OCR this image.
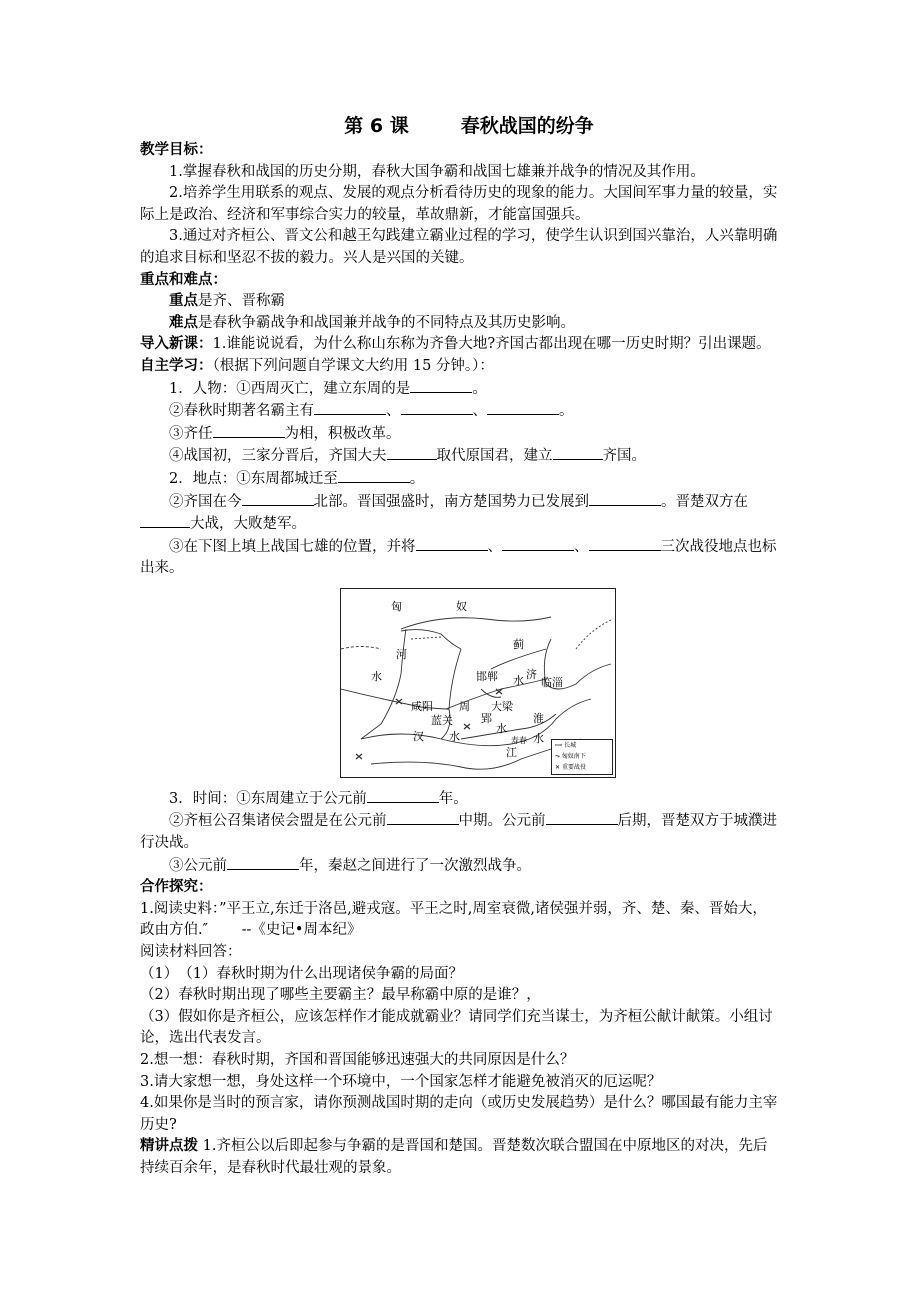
第 6 课	春秋战国的纷争
教学目标：
1.掌握春秋和战国的历史分期，春秋大国争霸和战国七雄兼并战争的情况及其作用。
2.培养学生用联系的观点、发展的观点分析看待历史的现象的能力。大国间军事力量的较量，实际上是政治、经济和军事综合实力的较量，革故鼎新，才能富国强兵。
3.通过对齐桓公、晋文公和越王勾践建立霸业过程的学习，使学生认识到国兴靠治，人兴靠明确的追求目标和坚忍不拔的毅力。兴人是兴国的关键。
重点和难点：
重点是齐、晋称霸
难点是春秋争霸战争和战国兼并战争的不同特点及其历史影响。
导入新课：1.谁能说说看，为什么称山东称为齐鲁大地?齐国古都出现在哪一历史时期？引出课题。
自主学习：（根据下列问题自学课文大约用 15 分钟。）：
1．人物：①西周灭亡，建立东周的是	。
②春秋时期著名霸主有	、	、	。
③齐任	为相，积极改革。
④战国初，三家分晋后，齐国大夫	取代原国君，建立	齐国。
2．地点：①东周都城迁至	。
②齐国在今	北部。晋国强盛时，南方楚国势力已发展到	。晋楚双方在大战，大败楚军。
③在下图上填上战国七雄的位置，并将	、	、	三次战役地点也标出来。
匈	奴
河
水
蓟
邯郸	济
水 临淄
咸阳 周 大梁
郢
蓝关
汉 水
淮
水
寿春 水
江
┅┅ 长城
⤳ 匈奴南下
✕ 重要战役
3．时间：①东周建立于公元前	年。
②齐桓公召集诸侯会盟是在公元前	中期。公元前	后期，晋楚双方于城濮进行决战。
③公元前	年，秦赵之间进行了一次激烈战争。
合作探究：
1.阅读史料：”平王立,东迁于洛邑,避戎寇。平王之时,周室衰微,诸侯强并弱，齐、楚、秦、晋始大，政由方伯.″ 　　--《史记•周本纪》
阅读材料回答：
（1）　（1）春秋时期为什么出现诸侯争霸的局面？
（2）春秋时期出现了哪些主要霸主？最早称霸中原的是谁？，
（3）假如你是齐桓公，应该怎样作才能成就霸业？请同学们充当谋士，为齐桓公献计献策。小组讨论，选出代表发言。
2.想一想：春秋时期，齐国和晋国能够迅速强大的共同原因是什么？
3.请大家想一想，身处这样一个环境中，一个国家怎样才能避免被消灭的厄运呢？
4.如果你是当时的预言家，请你预测战国时期的走向（或历史发展趋势）是什么？哪国最有能力主宰历史?
精讲点拨 1.齐桓公以后即起参与争霸的是晋国和楚国。晋楚数次联合盟国在中原地区的对决，先后持续百余年，是春秋时代最壮观的景象。
